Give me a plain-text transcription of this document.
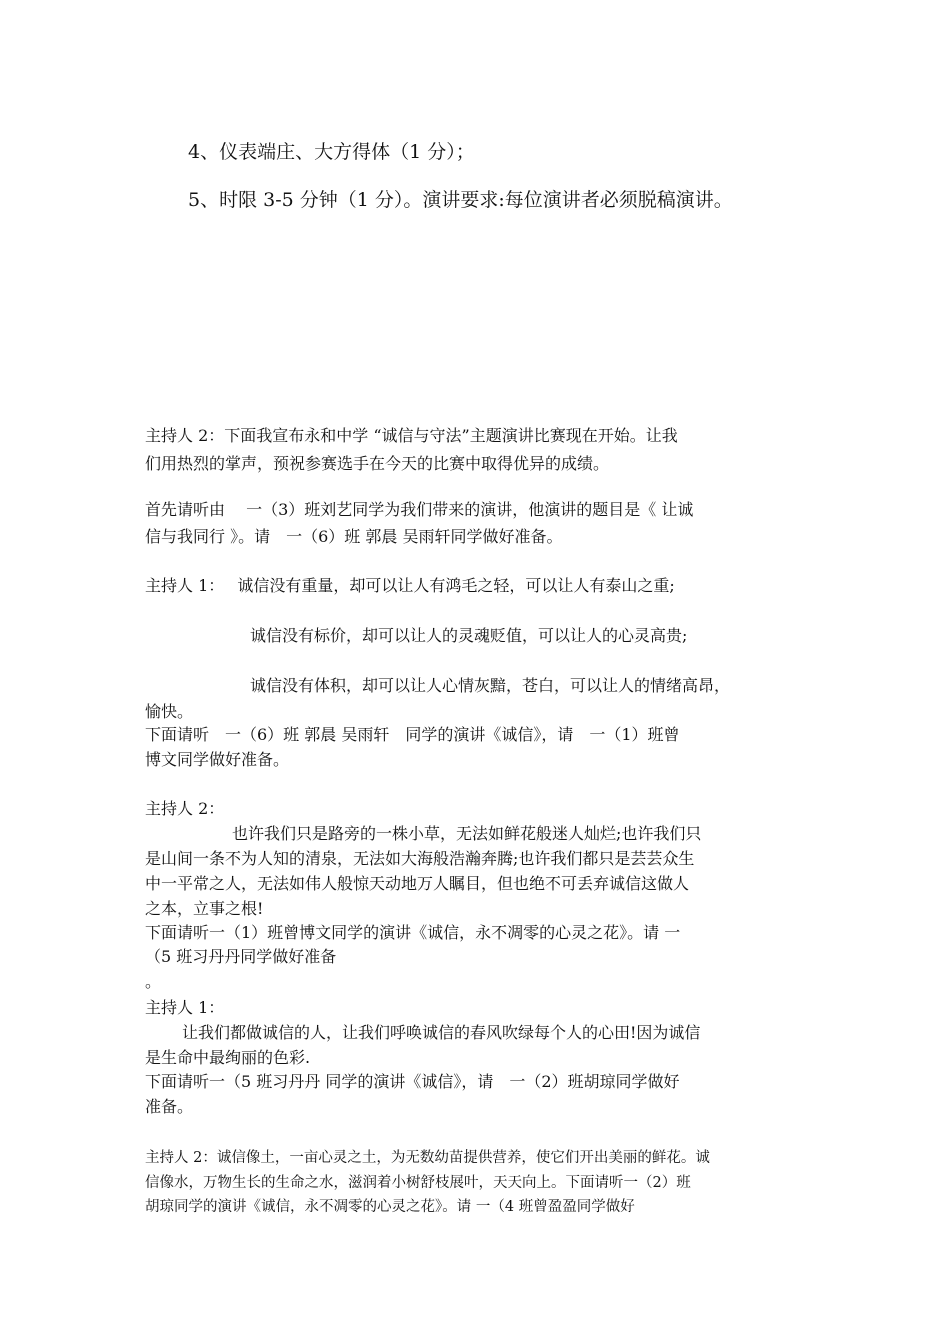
4、仪表端庄、大方得体（1 分）；
5、时限 3-5 分钟（1 分）。演讲要求:每位演讲者必须脱稿演讲。
主持人 2：下面我宣布永和中学 “诚信与守法”主题演讲比赛现在开始。让我
们用热烈的掌声，预祝参赛选手在今天的比赛中取得优异的成绩。
首先请听由　 一（3）班刘艺同学为我们带来的演讲，他演讲的题目是《 让诚
信与我同行 》。请　一（6）班 郭晨 吴雨轩同学做好准备。
主持人 1：　 诚信没有重量，却可以让人有鸿毛之轻，可以让人有泰山之重;
诚信没有标价，却可以让人的灵魂贬值，可以让人的心灵高贵;
诚信没有体积，却可以让人心情灰黯，苍白，可以让人的情绪高昂，
愉快。
下面请听　一（6）班 郭晨 吴雨轩　同学的演讲《诚信》，请　一（1）班曾
博文同学做好准备。
主持人 2：
也许我们只是路旁的一株小草，无法如鲜花般迷人灿烂;也许我们只
是山间一条不为人知的清泉，无法如大海般浩瀚奔腾;也许我们都只是芸芸众生
中一平常之人，无法如伟人般惊天动地万人瞩目，但也绝不可丢弃诚信这做人
之本，立事之根!
下面请听一（1）班曾博文同学的演讲《诚信，永不凋零的心灵之花》。请 一
（5 班习丹丹同学做好准备
。
主持人 1：
让我们都做诚信的人，让我们呼唤诚信的春风吹绿每个人的心田!因为诚信
是生命中最绚丽的色彩.
下面请听一（5 班习丹丹 同学的演讲《诚信》，请　一（2）班胡琼同学做好
准备。
主持人 2：诚信像土，一亩心灵之土，为无数幼苗提供营养，使它们开出美丽的鲜花。诚
信像水，万物生长的生命之水，滋润着小树舒枝展叶，天天向上。下面请听一（2）班
胡琼同学的演讲《诚信，永不凋零的心灵之花》。请 一（4 班曾盈盈同学做好
